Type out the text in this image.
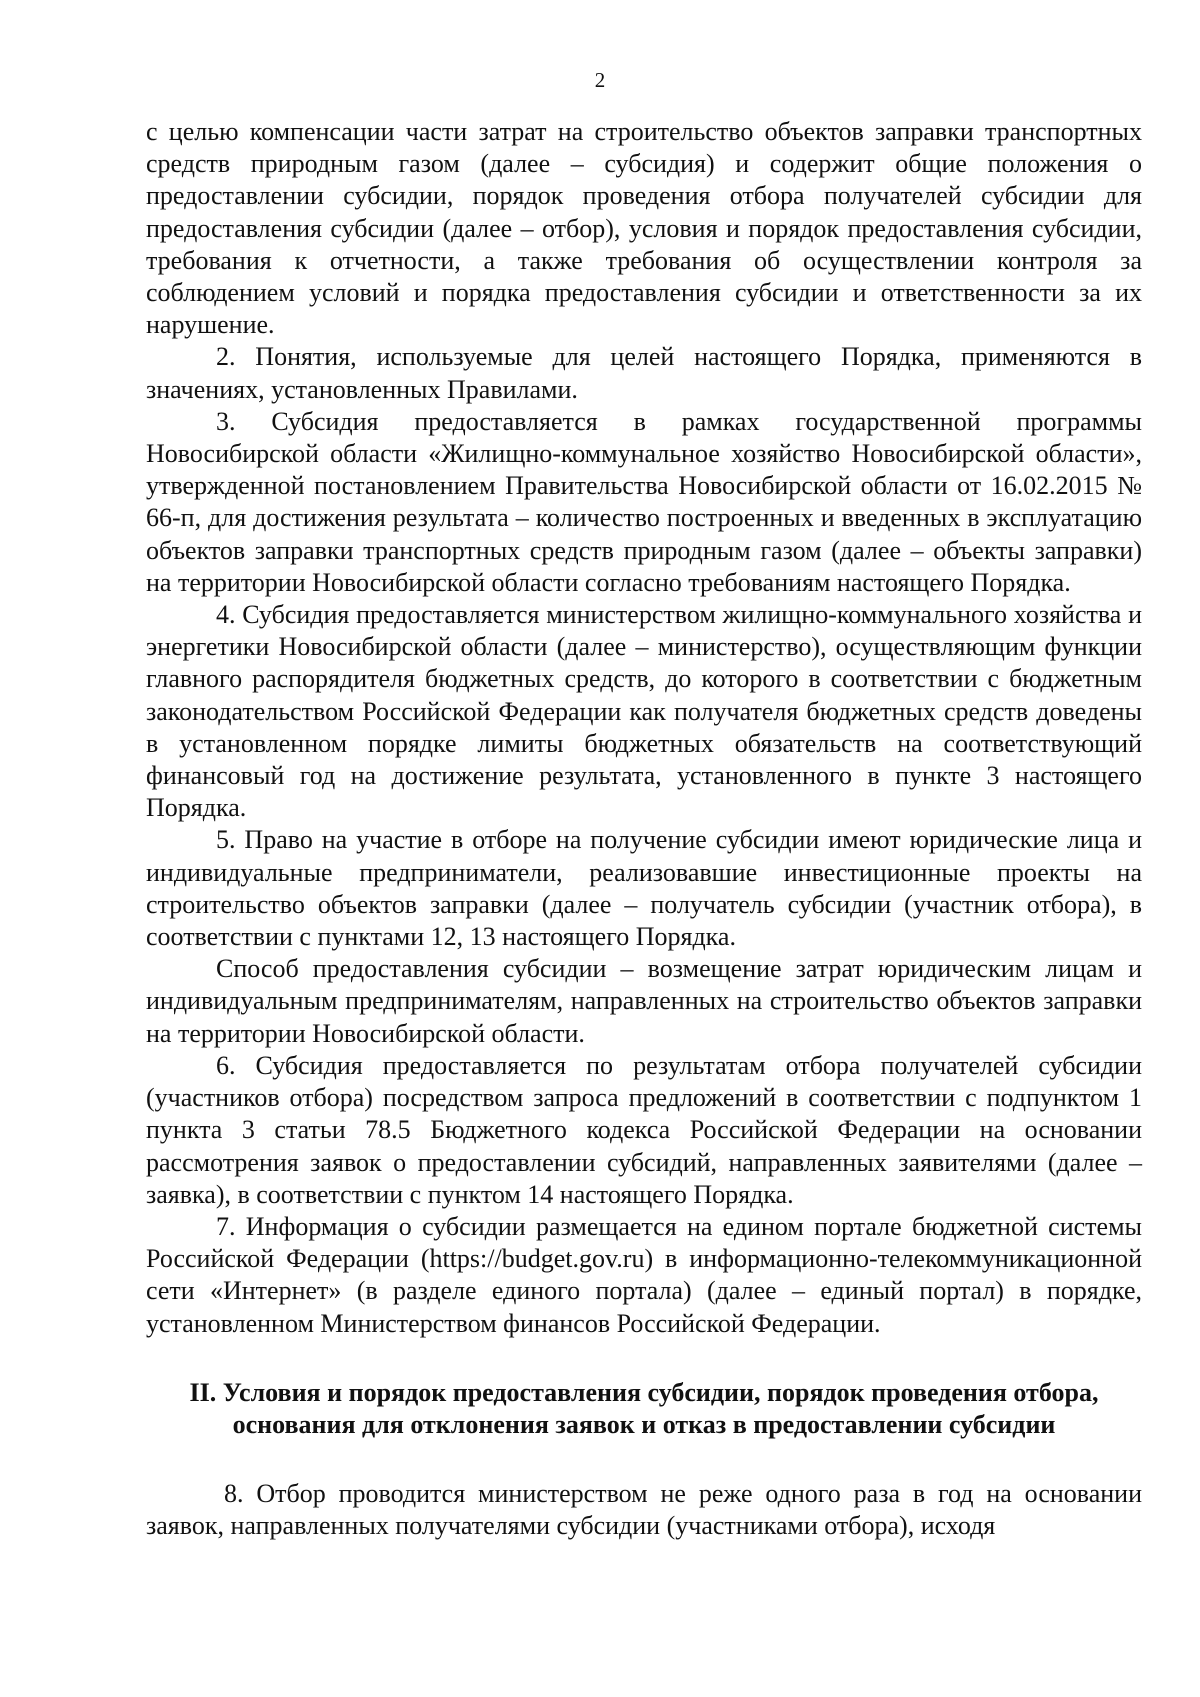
2

с целью компенсации части затрат на строительство объектов заправки транспортных средств природным газом (далее – субсидия) и содержит общие положения о предоставлении субсидии, порядок проведения отбора получателей субсидии для предоставления субсидии (далее – отбор), условия и порядок предоставления субсидии, требования к отчетности, а также требования об осуществлении контроля за соблюдением условий и порядка предоставления субсидии и ответственности за их нарушение.

2. Понятия, используемые для целей настоящего Порядка, применяются в значениях, установленных Правилами.

3. Субсидия предоставляется в рамках государственной программы Новосибирской области «Жилищно-коммунальное хозяйство Новосибирской области», утвержденной постановлением Правительства Новосибирской области от 16.02.2015 № 66-п, для достижения результата – количество построенных и введенных в эксплуатацию объектов заправки транспортных средств природным газом (далее – объекты заправки) на территории Новосибирской области согласно требованиям настоящего Порядка.

4. Субсидия предоставляется министерством жилищно-коммунального хозяйства и энергетики Новосибирской области (далее – министерство), осуществляющим функции главного распорядителя бюджетных средств, до которого в соответствии с бюджетным законодательством Российской Федерации как получателя бюджетных средств доведены в установленном порядке лимиты бюджетных обязательств на соответствующий финансовый год на достижение результата, установленного в пункте 3 настоящего Порядка.

5. Право на участие в отборе на получение субсидии имеют юридические лица и индивидуальные предприниматели, реализовавшие инвестиционные проекты на строительство объектов заправки (далее – получатель субсидии (участник отбора), в соответствии с пунктами 12, 13 настоящего Порядка.

Способ предоставления субсидии – возмещение затрат юридическим лицам и индивидуальным предпринимателям, направленных на строительство объектов заправки на территории Новосибирской области.

6. Субсидия предоставляется по результатам отбора получателей субсидии (участников отбора) посредством запроса предложений в соответствии с подпунктом 1 пункта 3 статьи 78.5 Бюджетного кодекса Российской Федерации на основании рассмотрения заявок о предоставлении субсидий, направленных заявителями (далее – заявка), в соответствии с пунктом 14 настоящего Порядка.

7. Информация о субсидии размещается на едином портале бюджетной системы Российской Федерации (https://budget.gov.ru) в информационно-телекоммуникационной сети «Интернет» (в разделе единого портала) (далее – единый портал) в порядке, установленном Министерством финансов Российской Федерации.

II. Условия и порядок предоставления субсидии, порядок проведения отбора, основания для отклонения заявок и отказ в предоставлении субсидии

8. Отбор проводится министерством не реже одного раза в год на основании заявок, направленных получателями субсидии (участниками отбора), исходя
